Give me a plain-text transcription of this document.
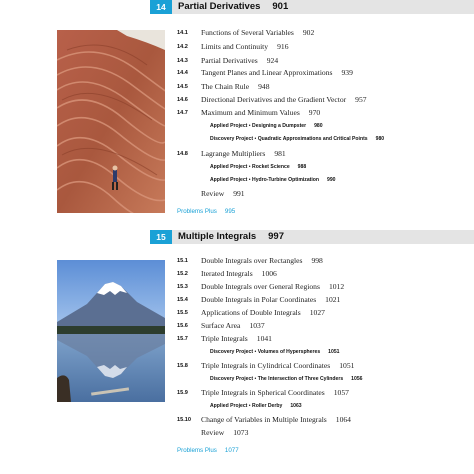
14	Partial Derivatives 901
14.1	Functions of Several Variables 902
14.2	Limits and Continuity 916
14.3	Partial Derivatives 924
14.4	Tangent Planes and Linear Approximations 939
14.5	The Chain Rule 948
14.6	Directional Derivatives and the Gradient Vector 957
14.7	Maximum and Minimum Values 970
Applied Project • Designing a Dumpster 980
Discovery Project • Quadratic Approximations and Critical Points 980
14.8	Lagrange Multipliers 981
Applied Project • Rocket Science 988
Applied Project • Hydro-Turbine Optimization 990
Review 991
Problems Plus 995
15	Multiple Integrals 997
15.1	Double Integrals over Rectangles 998
15.2	Iterated Integrals 1006
15.3	Double Integrals over General Regions 1012
15.4	Double Integrals in Polar Coordinates 1021
15.5	Applications of Double Integrals 1027
15.6	Surface Area 1037
15.7	Triple Integrals 1041
Discovery Project • Volumes of Hyperspheres 1051
15.8	Triple Integrals in Cylindrical Coordinates 1051
Discovery Project • The Intersection of Three Cylinders 1056
15.9	Triple Integrals in Spherical Coordinates 1057
Applied Project • Roller Derby 1063
15.10	Change of Variables in Multiple Integrals 1064
Review 1073
Problems Plus 1077
